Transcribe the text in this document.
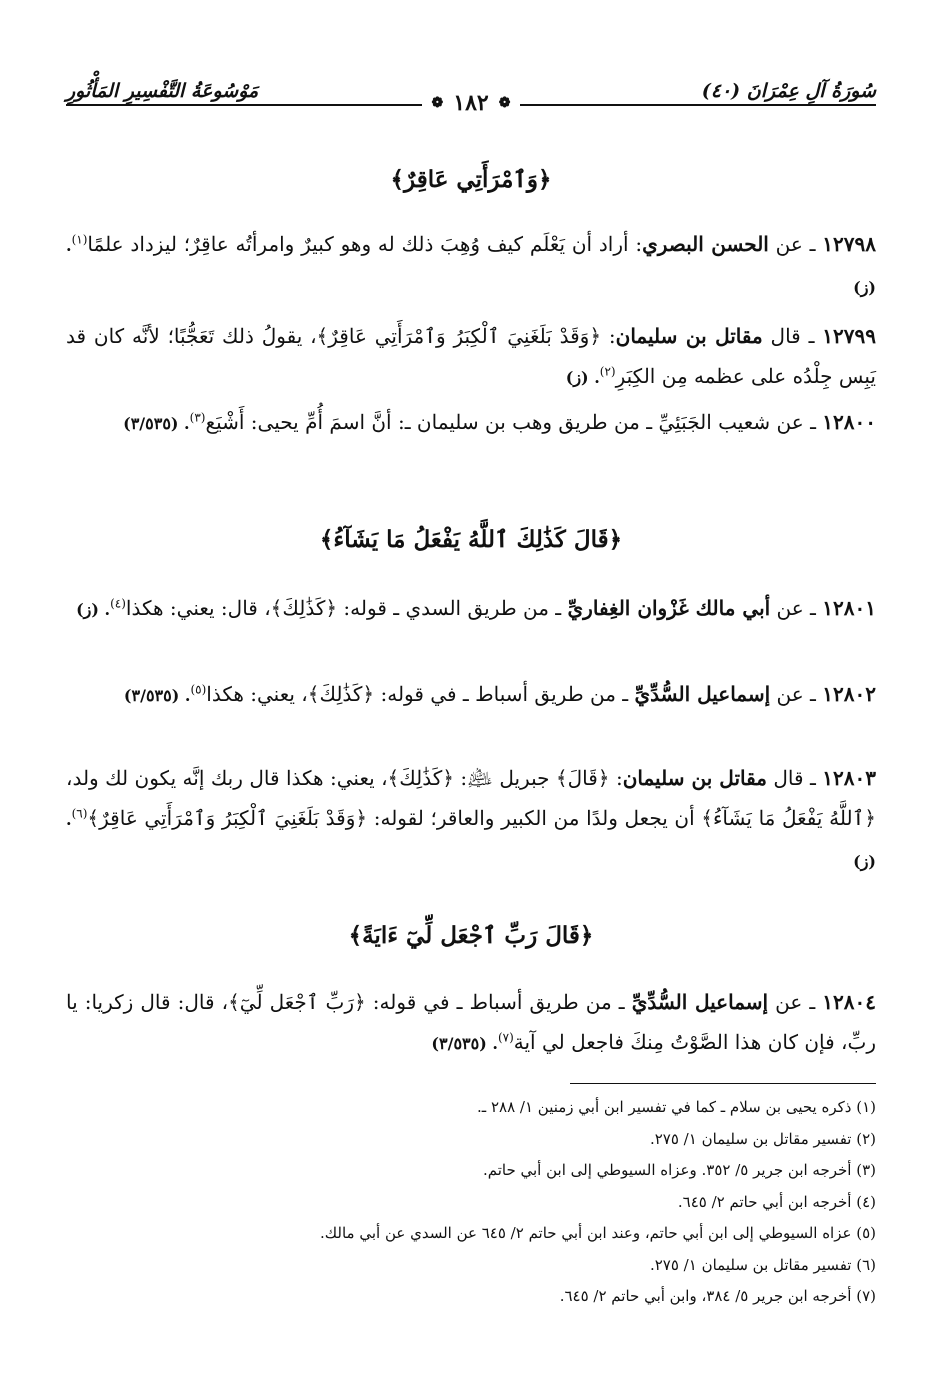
سُورَةُ آلِ عِمْرَانَ (٤٠)
مَوْسُوعَةُ التَّفْسِيرِ المَأْثُورِ
❁
١٨٢
❁
﴿وَٱمْرَأَتِي عَاقِرٌ﴾

١٢٧٩٨ ـ عن الحسن البصري: أراد أن يَعْلَم كيف وُهِبَ ذلك له وهو كبيرٌ وامرأتُه عاقِرٌ؛ ليزداد علمًا$^{(١)}$. (ز)

١٢٧٩٩ ـ قال مقاتل بن سليمان: ﴿وَقَدْ بَلَغَنِيَ ٱلْكِبَرُ وَٱمْرَأَتِي عَاقِرٌ﴾، يقولُ ذلك تَعَجُّبًا؛ لأنَّه كان قد يَبِس جِلْدُه على عظمه مِن الكِبَرِ$^{(٢)}$. (ز)

١٢٨٠٠ ـ عن شعيب الجَبَئِيِّ ـ من طريق وهب بن سليمان ـ: أنَّ اسمَ أُمِّ يحيى: أَشْيَع$^{(٣)}$. (٣/٥٣٥)

﴿قَالَ كَذَٰلِكَ ٱللَّهُ يَفْعَلُ مَا يَشَآءُ﴾

١٢٨٠١ ـ عن أبي مالك غَزْوان الغِفاريِّ ـ من طريق السدي ـ قوله: ﴿كَذَٰلِكَ﴾، قال: يعني: هكذا$^{(٤)}$. (ز)

١٢٨٠٢ ـ عن إسماعيل السُّدِّيِّ ـ من طريق أسباط ـ في قوله: ﴿كَذَٰلِكَ﴾، يعني: هكذا$^{(٥)}$. (٣/٥٣٥)

١٢٨٠٣ ـ قال مقاتل بن سليمان: ﴿قَالَ﴾ جبريل ﵇: ﴿كَذَٰلِكَ﴾، يعني: هكذا قال ربك إنَّه يكون لك ولد، ﴿ٱللَّهُ يَفْعَلُ مَا يَشَآءُ﴾ أن يجعل ولدًا من الكبير والعاقر؛ لقوله: ﴿وَقَدْ بَلَغَنِيَ ٱلْكِبَرُ وَٱمْرَأَتِي عَاقِرٌ﴾$^{(٦)}$. (ز)

﴿قَالَ رَبِّ ٱجْعَل لِّيٓ ءَايَةً﴾

١٢٨٠٤ ـ عن إسماعيل السُّدِّيِّ ـ من طريق أسباط ـ في قوله: ﴿رَبِّ ٱجْعَل لِّيٓ﴾، قال: قال زكريا: يا ربِّ، فإن كان هذا الصَّوْتُ مِنكَ فاجعل لي آية$^{(٧)}$. (٣/٥٣٥)

(١) ذكره يحيى بن سلام ـ كما في تفسير ابن أبي زمنين ١/ ٢٨٨ ـ.
(٢) تفسير مقاتل بن سليمان ١/ ٢٧٥.
(٣) أخرجه ابن جرير ٥/ ٣٥٢. وعزاه السيوطي إلى ابن أبي حاتم.
(٤) أخرجه ابن أبي حاتم ٢/ ٦٤٥.
(٥) عزاه السيوطي إلى ابن أبي حاتم، وعند ابن أبي حاتم ٢/ ٦٤٥ عن السدي عن أبي مالك.
(٦) تفسير مقاتل بن سليمان ١/ ٢٧٥.
(٧) أخرجه ابن جرير ٥/ ٣٨٤، وابن أبي حاتم ٢/ ٦٤٥.
